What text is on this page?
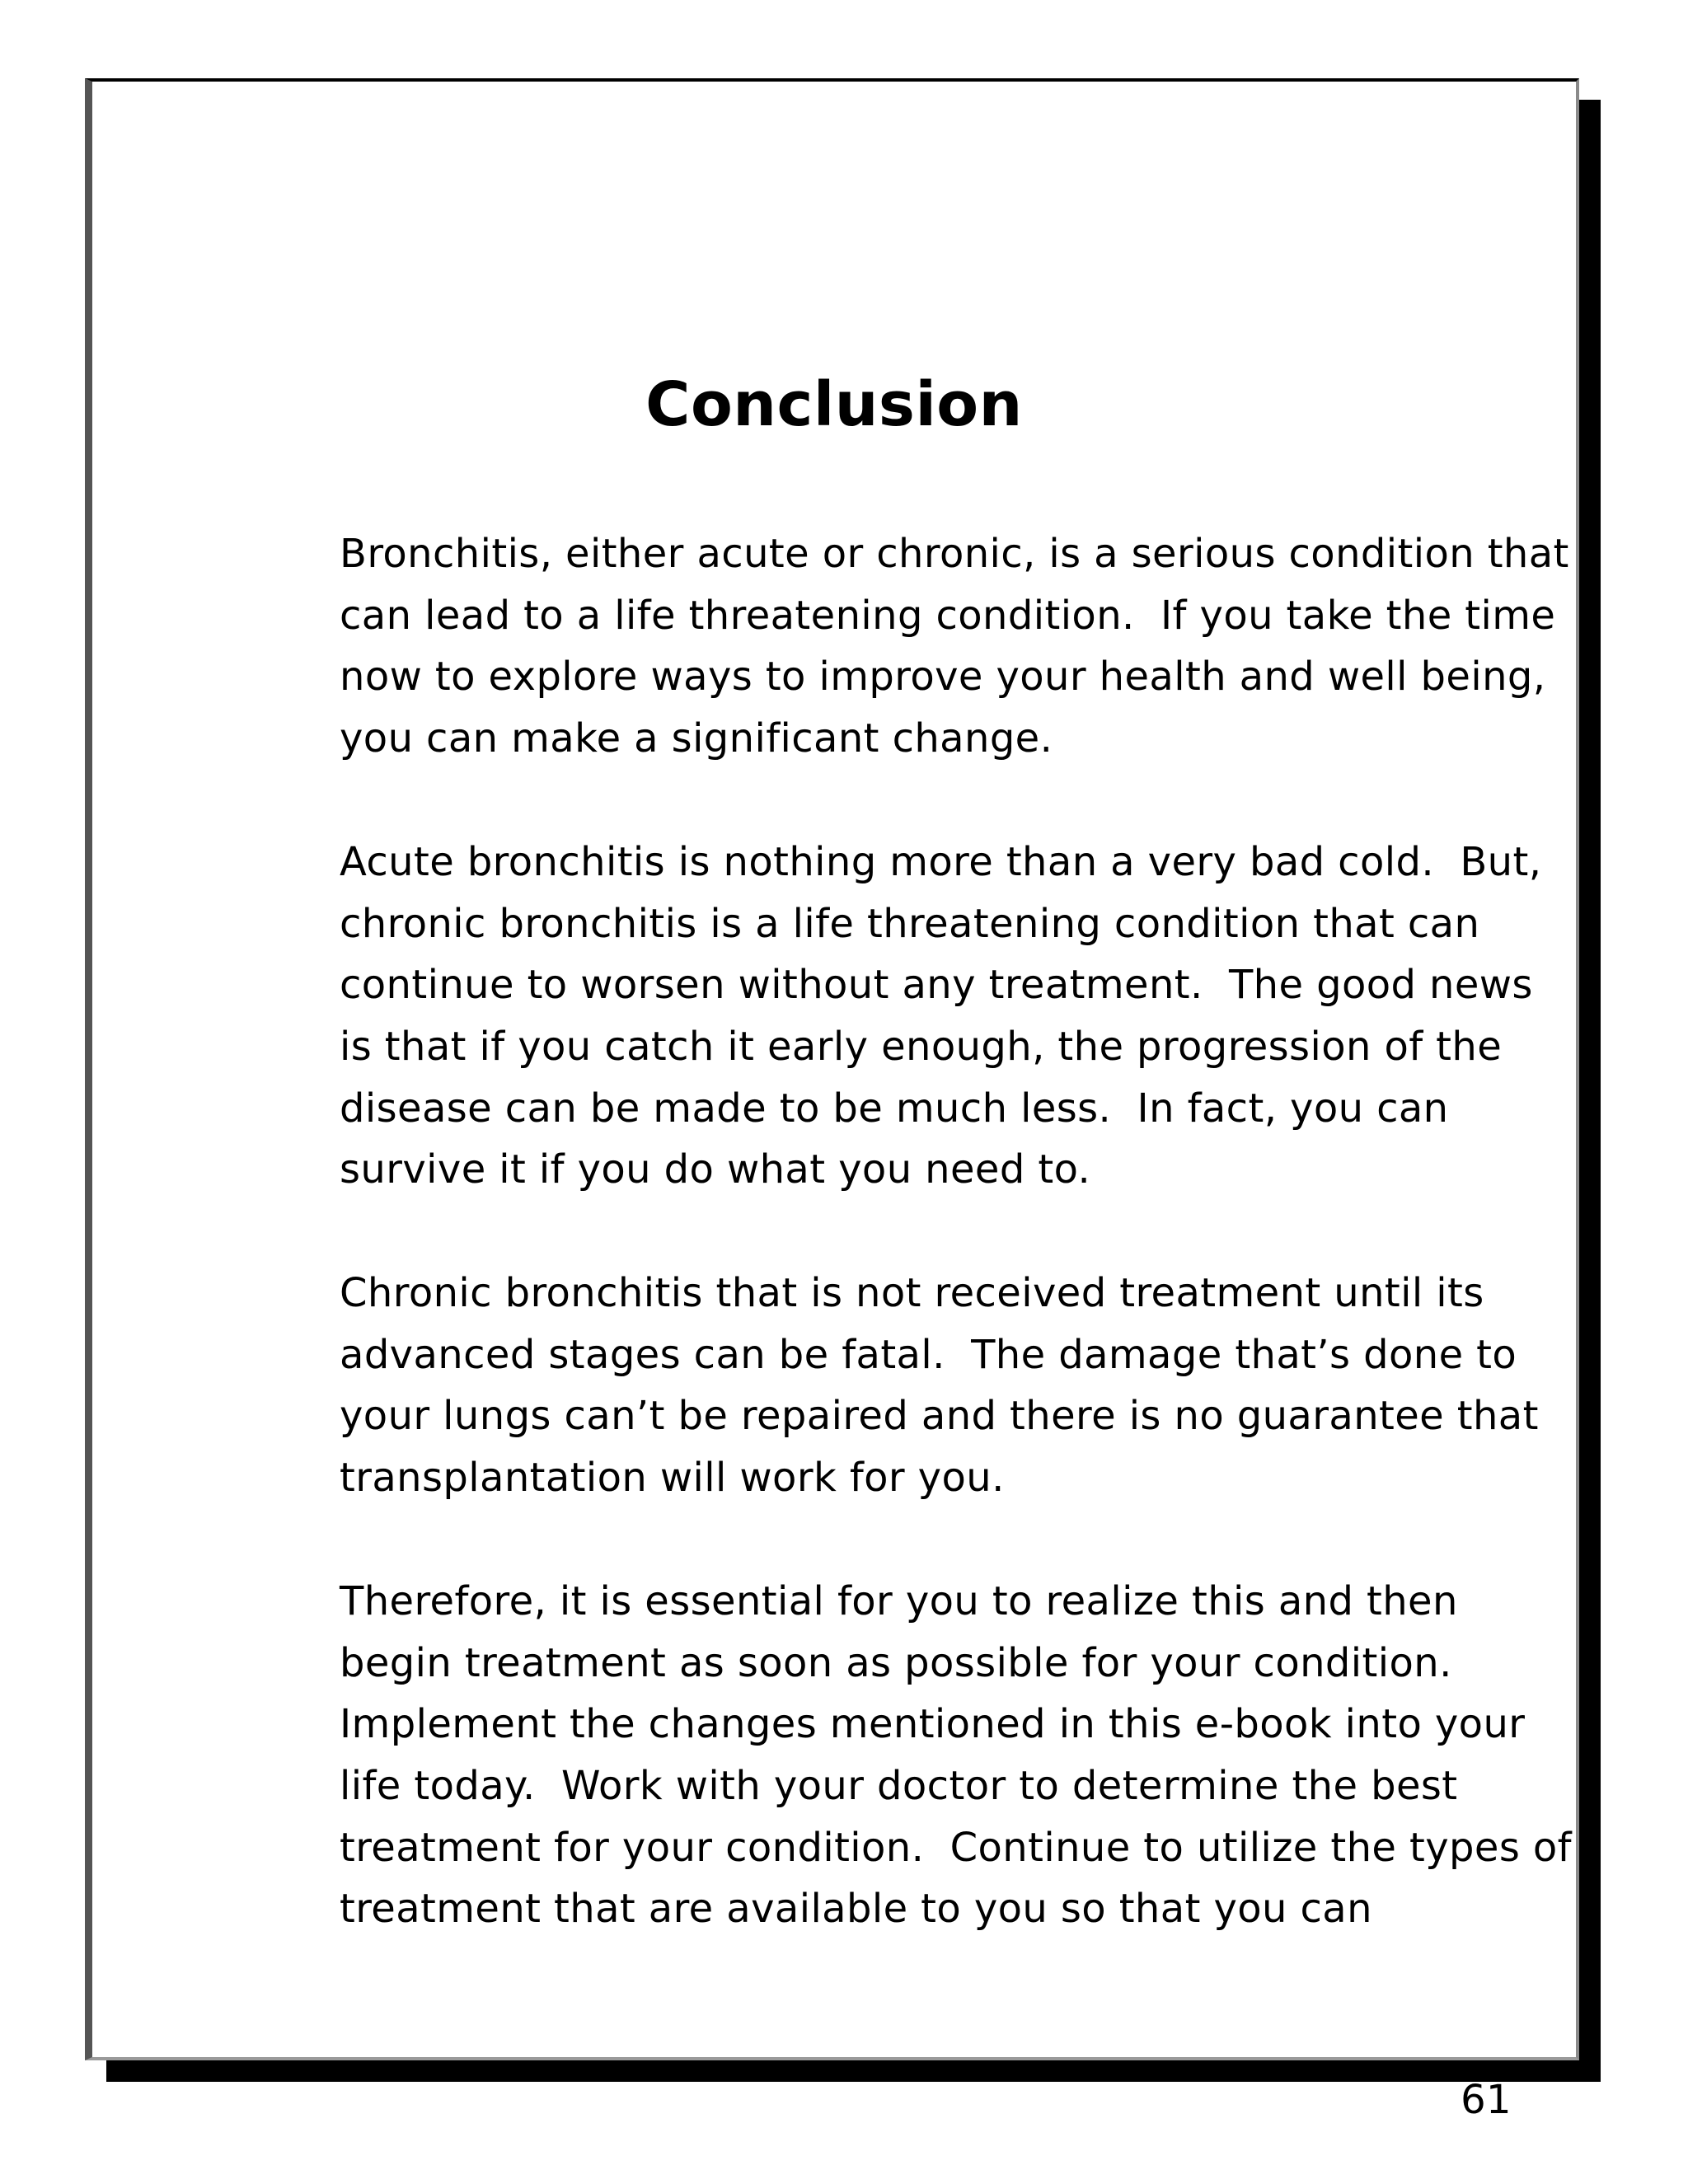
Conclusion

Bronchitis, either acute or chronic, is a serious condition that
can lead to a life threatening condition.  If you take the time
now to explore ways to improve your health and well being,
you can make a significant change.

Acute bronchitis is nothing more than a very bad cold.  But,
chronic bronchitis is a life threatening condition that can
continue to worsen without any treatment.  The good news
is that if you catch it early enough, the progression of the
disease can be made to be much less.  In fact, you can
survive it if you do what you need to.

Chronic bronchitis that is not received treatment until its
advanced stages can be fatal.  The damage that’s done to
your lungs can’t be repaired and there is no guarantee that
transplantation will work for you.

Therefore, it is essential for you to realize this and then
begin treatment as soon as possible for your condition.
Implement the changes mentioned in this e-book into your
life today.  Work with your doctor to determine the best
treatment for your condition.  Continue to utilize the types of
treatment that are available to you so that you can

61
